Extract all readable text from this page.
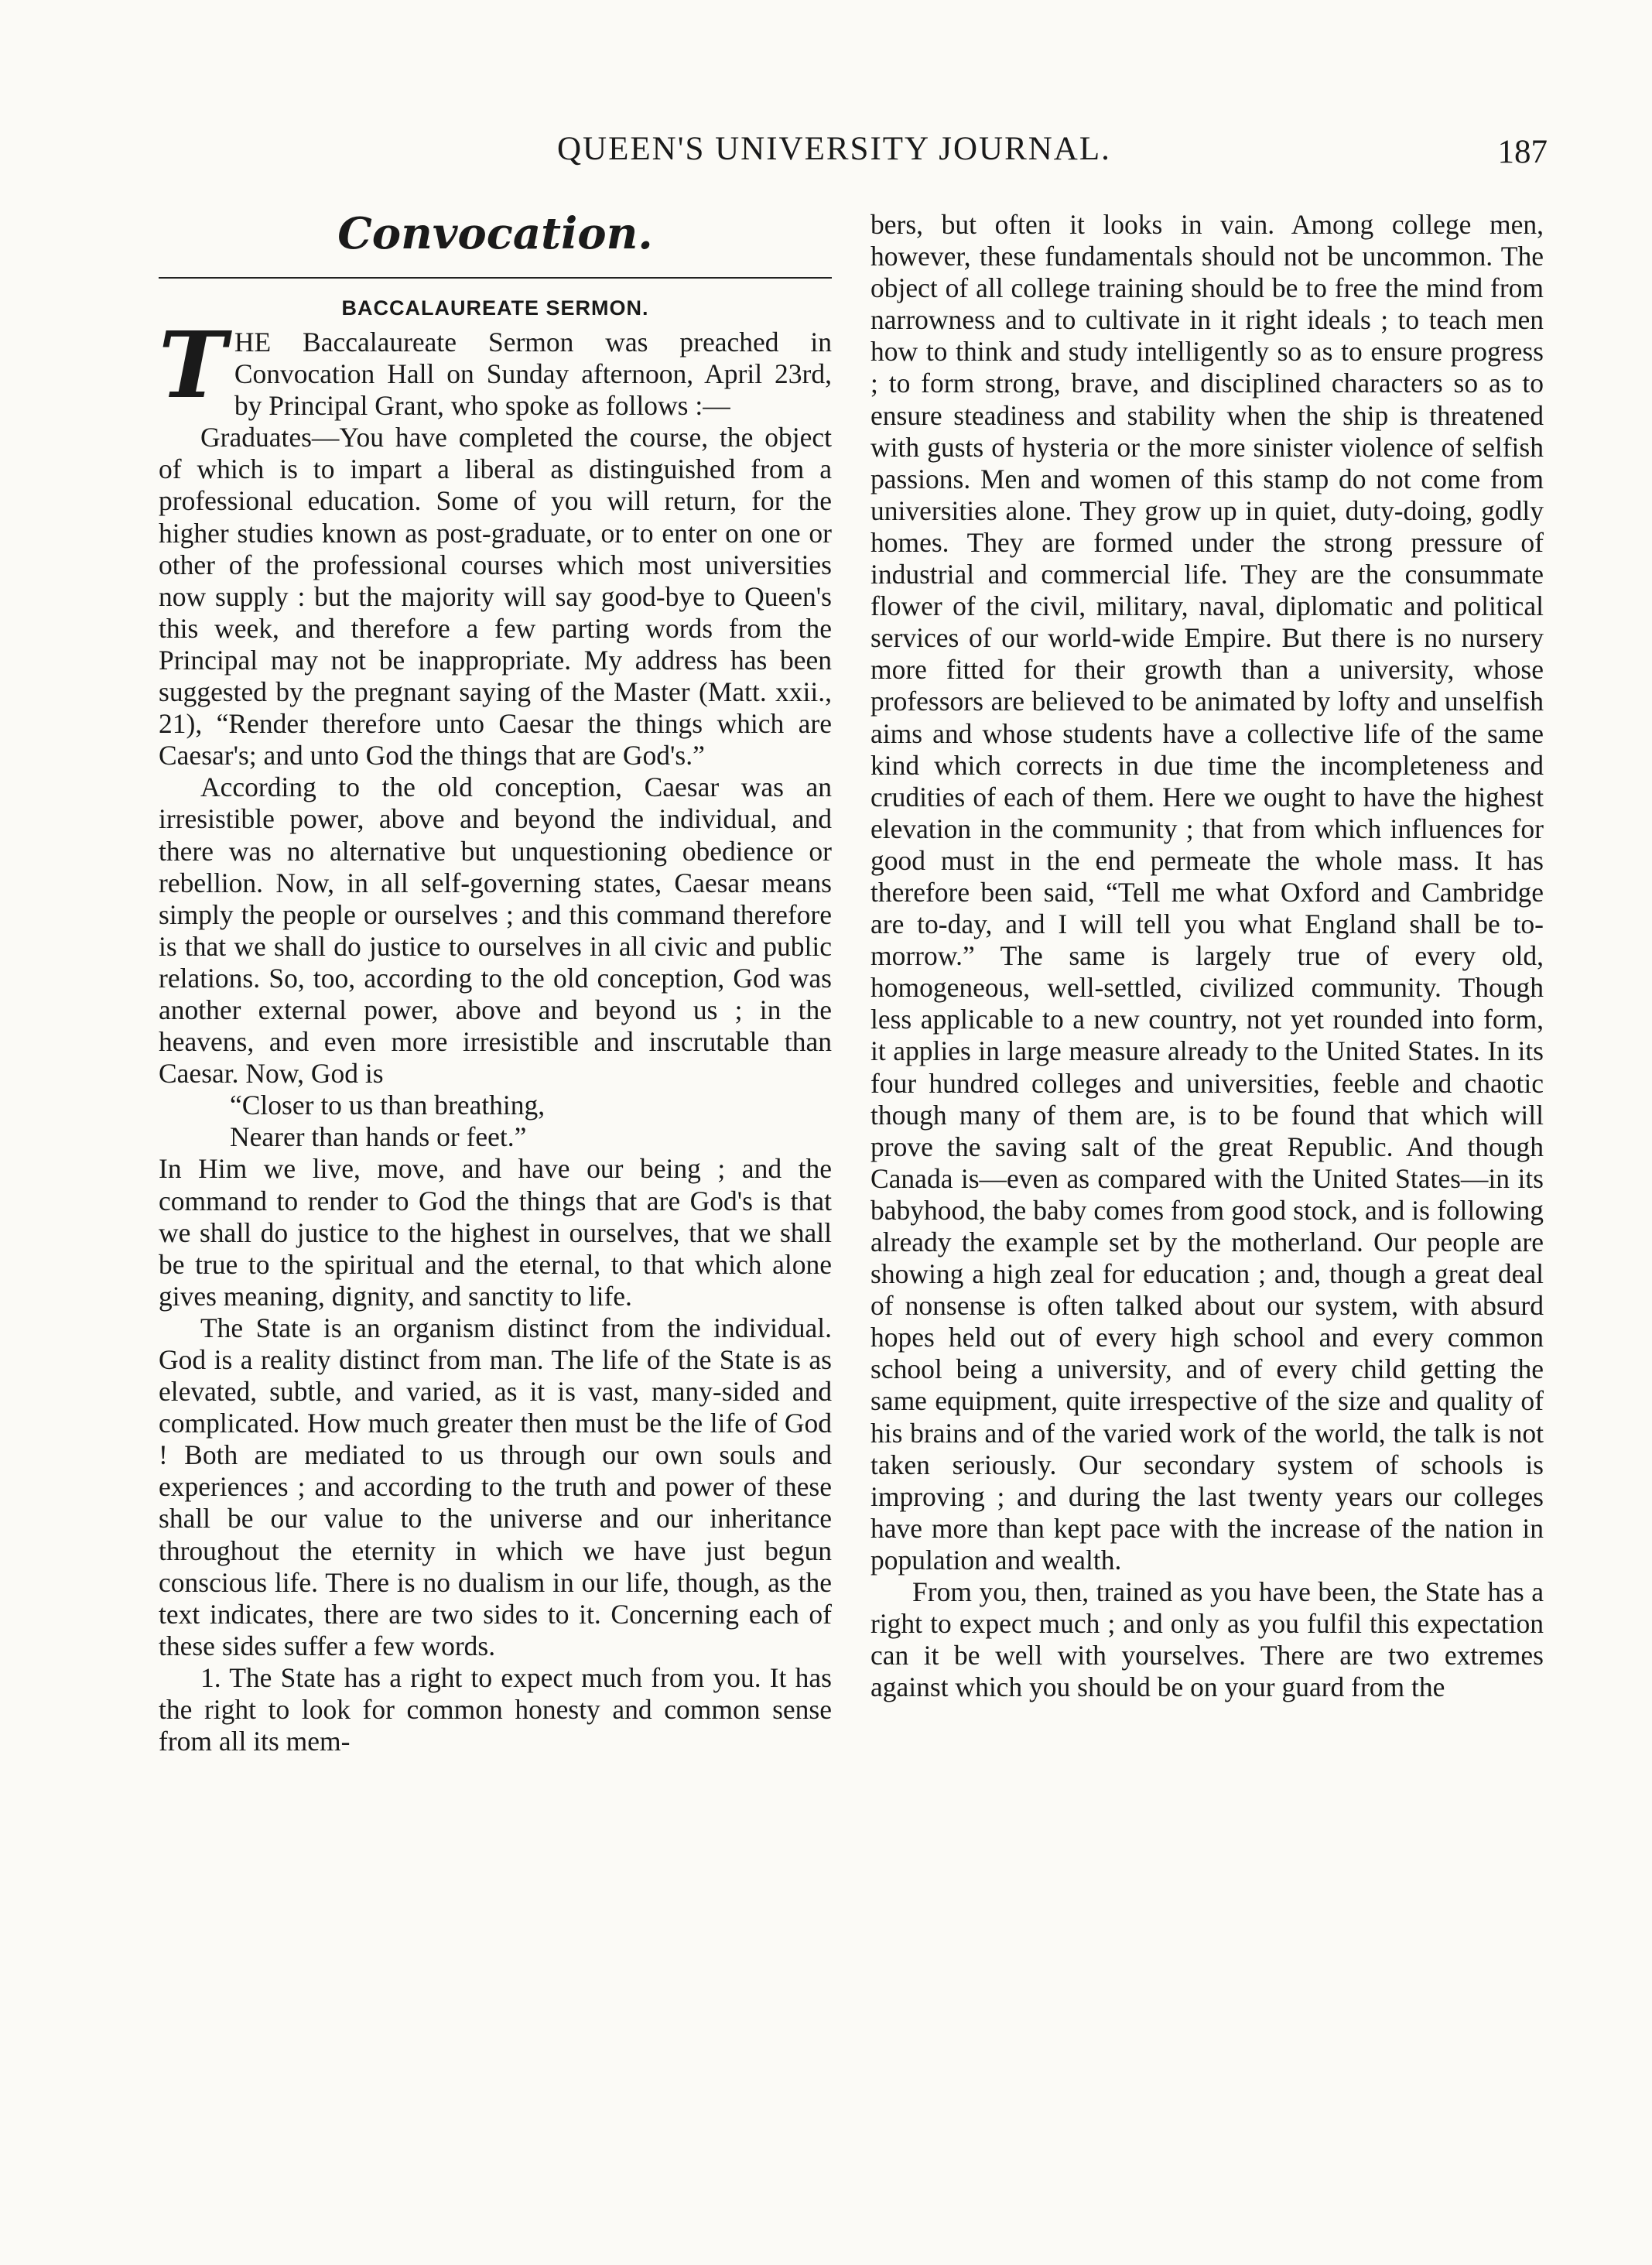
QUEEN'S UNIVERSITY JOURNAL.	187
Convocation.
BACCALAUREATE SERMON.

THE Baccalaureate Sermon was preached in Convocation Hall on Sunday afternoon, April 23rd, by Principal Grant, who spoke as follows :—

Graduates—You have completed the course, the object of which is to impart a liberal as distinguished from a professional education. Some of you will return, for the higher studies known as post-graduate, or to enter on one or other of the professional courses which most universities now supply : but the majority will say good-bye to Queen's this week, and therefore a few parting words from the Principal may not be inappropriate. My address has been suggested by the pregnant saying of the Master (Matt. xxii., 21), “Render therefore unto Caesar the things which are Caesar's; and unto God the things that are God's.”

According to the old conception, Caesar was an irresistible power, above and beyond the individual, and there was no alternative but unquestioning obedience or rebellion. Now, in all self-governing states, Caesar means simply the people or ourselves ; and this command therefore is that we shall do justice to ourselves in all civic and public relations. So, too, according to the old conception, God was another external power, above and beyond us ; in the heavens, and even more irresistible and inscrutable than Caesar. Now, God is

“Closer to us than breathing,
Nearer than hands or feet.”

In Him we live, move, and have our being ; and the command to render to God the things that are God's is that we shall do justice to the highest in ourselves, that we shall be true to the spiritual and the eternal, to that which alone gives meaning, dignity, and sanctity to life.

The State is an organism distinct from the individual. God is a reality distinct from man. The life of the State is as elevated, subtle, and varied, as it is vast, many-sided and complicated. How much greater then must be the life of God ! Both are mediated to us through our own souls and experiences ; and according to the truth and power of these shall be our value to the universe and our inheritance throughout the eternity in which we have just begun conscious life. There is no dualism in our life, though, as the text indicates, there are two sides to it. Concerning each of these sides suffer a few words.

1. The State has a right to expect much from you. It has the right to look for common honesty and common sense from all its mem-

bers, but often it looks in vain. Among college men, however, these fundamentals should not be uncommon. The object of all college training should be to free the mind from narrowness and to cultivate in it right ideals ; to teach men how to think and study intelligently so as to ensure progress ; to form strong, brave, and disciplined characters so as to ensure steadiness and stability when the ship is threatened with gusts of hysteria or the more sinister violence of selfish passions. Men and women of this stamp do not come from universities alone. They grow up in quiet, duty-doing, godly homes. They are formed under the strong pressure of industrial and commercial life. They are the consummate flower of the civil, military, naval, diplomatic and political services of our world-wide Empire. But there is no nursery more fitted for their growth than a university, whose professors are believed to be animated by lofty and unselfish aims and whose students have a collective life of the same kind which corrects in due time the incompleteness and crudities of each of them. Here we ought to have the highest elevation in the community ; that from which influences for good must in the end permeate the whole mass. It has therefore been said, “Tell me what Oxford and Cambridge are to-day, and I will tell you what England shall be to-morrow.” The same is largely true of every old, homogeneous, well-settled, civilized community. Though less applicable to a new country, not yet rounded into form, it applies in large measure already to the United States. In its four hundred colleges and universities, feeble and chaotic though many of them are, is to be found that which will prove the saving salt of the great Republic. And though Canada is—even as compared with the United States—in its babyhood, the baby comes from good stock, and is following already the example set by the motherland. Our people are showing a high zeal for education ; and, though a great deal of nonsense is often talked about our system, with absurd hopes held out of every high school and every common school being a university, and of every child getting the same equipment, quite irrespective of the size and quality of his brains and of the varied work of the world, the talk is not taken seriously. Our secondary system of schools is improving ; and during the last twenty years our colleges have more than kept pace with the increase of the nation in population and wealth.

From you, then, trained as you have been, the State has a right to expect much ; and only as you fulfil this expectation can it be well with yourselves. There are two extremes against which you should be on your guard from the
